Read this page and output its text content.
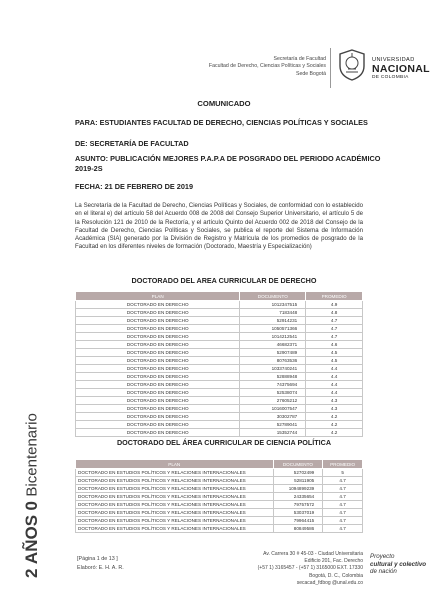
Secretaría de Facultad
Facultad de Derecho, Ciencias Políticas y Sociales
Sede Bogotá
UNIVERSIDAD
NACIONAL
DE COLOMBIA
COMUNICADO
PARA: ESTUDIANTES FACULTAD DE DERECHO, CIENCIAS POLÍTICAS Y SOCIALES
DE: SECRETARÍA DE FACULTAD
ASUNTO: PUBLICACIÓN MEJORES P.A.P.A DE POSGRADO DEL PERIODO ACADÉMICO
2019-2S
FECHA: 21 DE FEBRERO DE 2019
La Secretaría de la Facultad de Derecho, Ciencias Políticas y Sociales, de conformidad con lo establecido en el literal e) del artículo 58 del Acuerdo 008 de 2008 del Consejo Superior Universitario, el artículo 5 de la Resolución 121 de 2010 de la Rectoría, y el artículo Quinto del Acuerdo 002 de 2018 del Consejo de la Facultad de Derecho, Ciencias Políticas y Sociales, se publica el reporte del Sistema de Información Académica (SIA) generado por la División de Registro y Matrícula de los promedios de posgrado de la Facultad en los diferentes niveles de formación (Doctorado, Maestría y Especialización)
DOCTORADO DEL AREA CURRICULAR DE DERECHO
PLAN	DOCUMENTO	PROMEDIO
DOCTORADO EN DERECHO	1012347515	4.9
DOCTORADO EN DERECHO	7183448	4.8
DOCTORADO EN DERECHO	52914231	4.7
DOCTORADO EN DERECHO	1050571366	4.7
DOCTORADO EN DERECHO	1014212541	4.7
DOCTORADO EN DERECHO	46682371	4.6
DOCTORADO EN DERECHO	52907489	4.5
DOCTORADO EN DERECHO	80763536	4.5
DOCTORADO EN DERECHO	1033740241	4.4
DOCTORADO EN DERECHO	52888948	4.4
DOCTORADO EN DERECHO	74375694	4.4
DOCTORADO EN DERECHO	52538074	4.4
DOCTORADO EN DERECHO	27605212	4.3
DOCTORADO EN DERECHO	1016007547	4.3
DOCTORADO EN DERECHO	30302787	4.2
DOCTORADO EN DERECHO	52789041	4.2
DOCTORADO EN DERECHO	15352744	4.2
DOCTORADO DEL ÁREA CURRICULAR DE CIENCIA POLÍTICA
PLAN	DOCUMENTO	PROMEDIO
DOCTORADO EN ESTUDIOS POLÍTICOS Y RELACIONES INTERNACIONALES	52702499	5
DOCTORADO EN ESTUDIOS POLÍTICOS Y RELACIONES INTERNACIONALES	52811905	4.7
DOCTORADO EN ESTUDIOS POLÍTICOS Y RELACIONES INTERNACIONALES	1094899239	4.7
DOCTORADO EN ESTUDIOS POLÍTICOS Y RELACIONES INTERNACIONALES	24335654	4.7
DOCTORADO EN ESTUDIOS POLÍTICOS Y RELACIONES INTERNACIONALES	79757572	4.7
DOCTORADO EN ESTUDIOS POLÍTICOS Y RELACIONES INTERNACIONALES	53037019	4.7
DOCTORADO EN ESTUDIOS POLÍTICOS Y RELACIONES INTERNACIONALES	79964415	4.7
DOCTORADO EN ESTUDIOS POLÍTICOS Y RELACIONES INTERNACIONALES	80849586	4.7
2 AÑOS 0 Bicentenario
[Página 1 de 13 ]
Elaboró: E. H. A. R.
Av. Carrera 30 # 45-03 - Ciudad Universitaria
Edificio 201, Fac. Derecho
(+57 1) 3165457 - (+57 1) 3165000 EXT. 17330
Bogotá, D. C., Colombia
secacad_fdbog @unal.edu.co
Proyecto
cultural y colectivo
de nación
